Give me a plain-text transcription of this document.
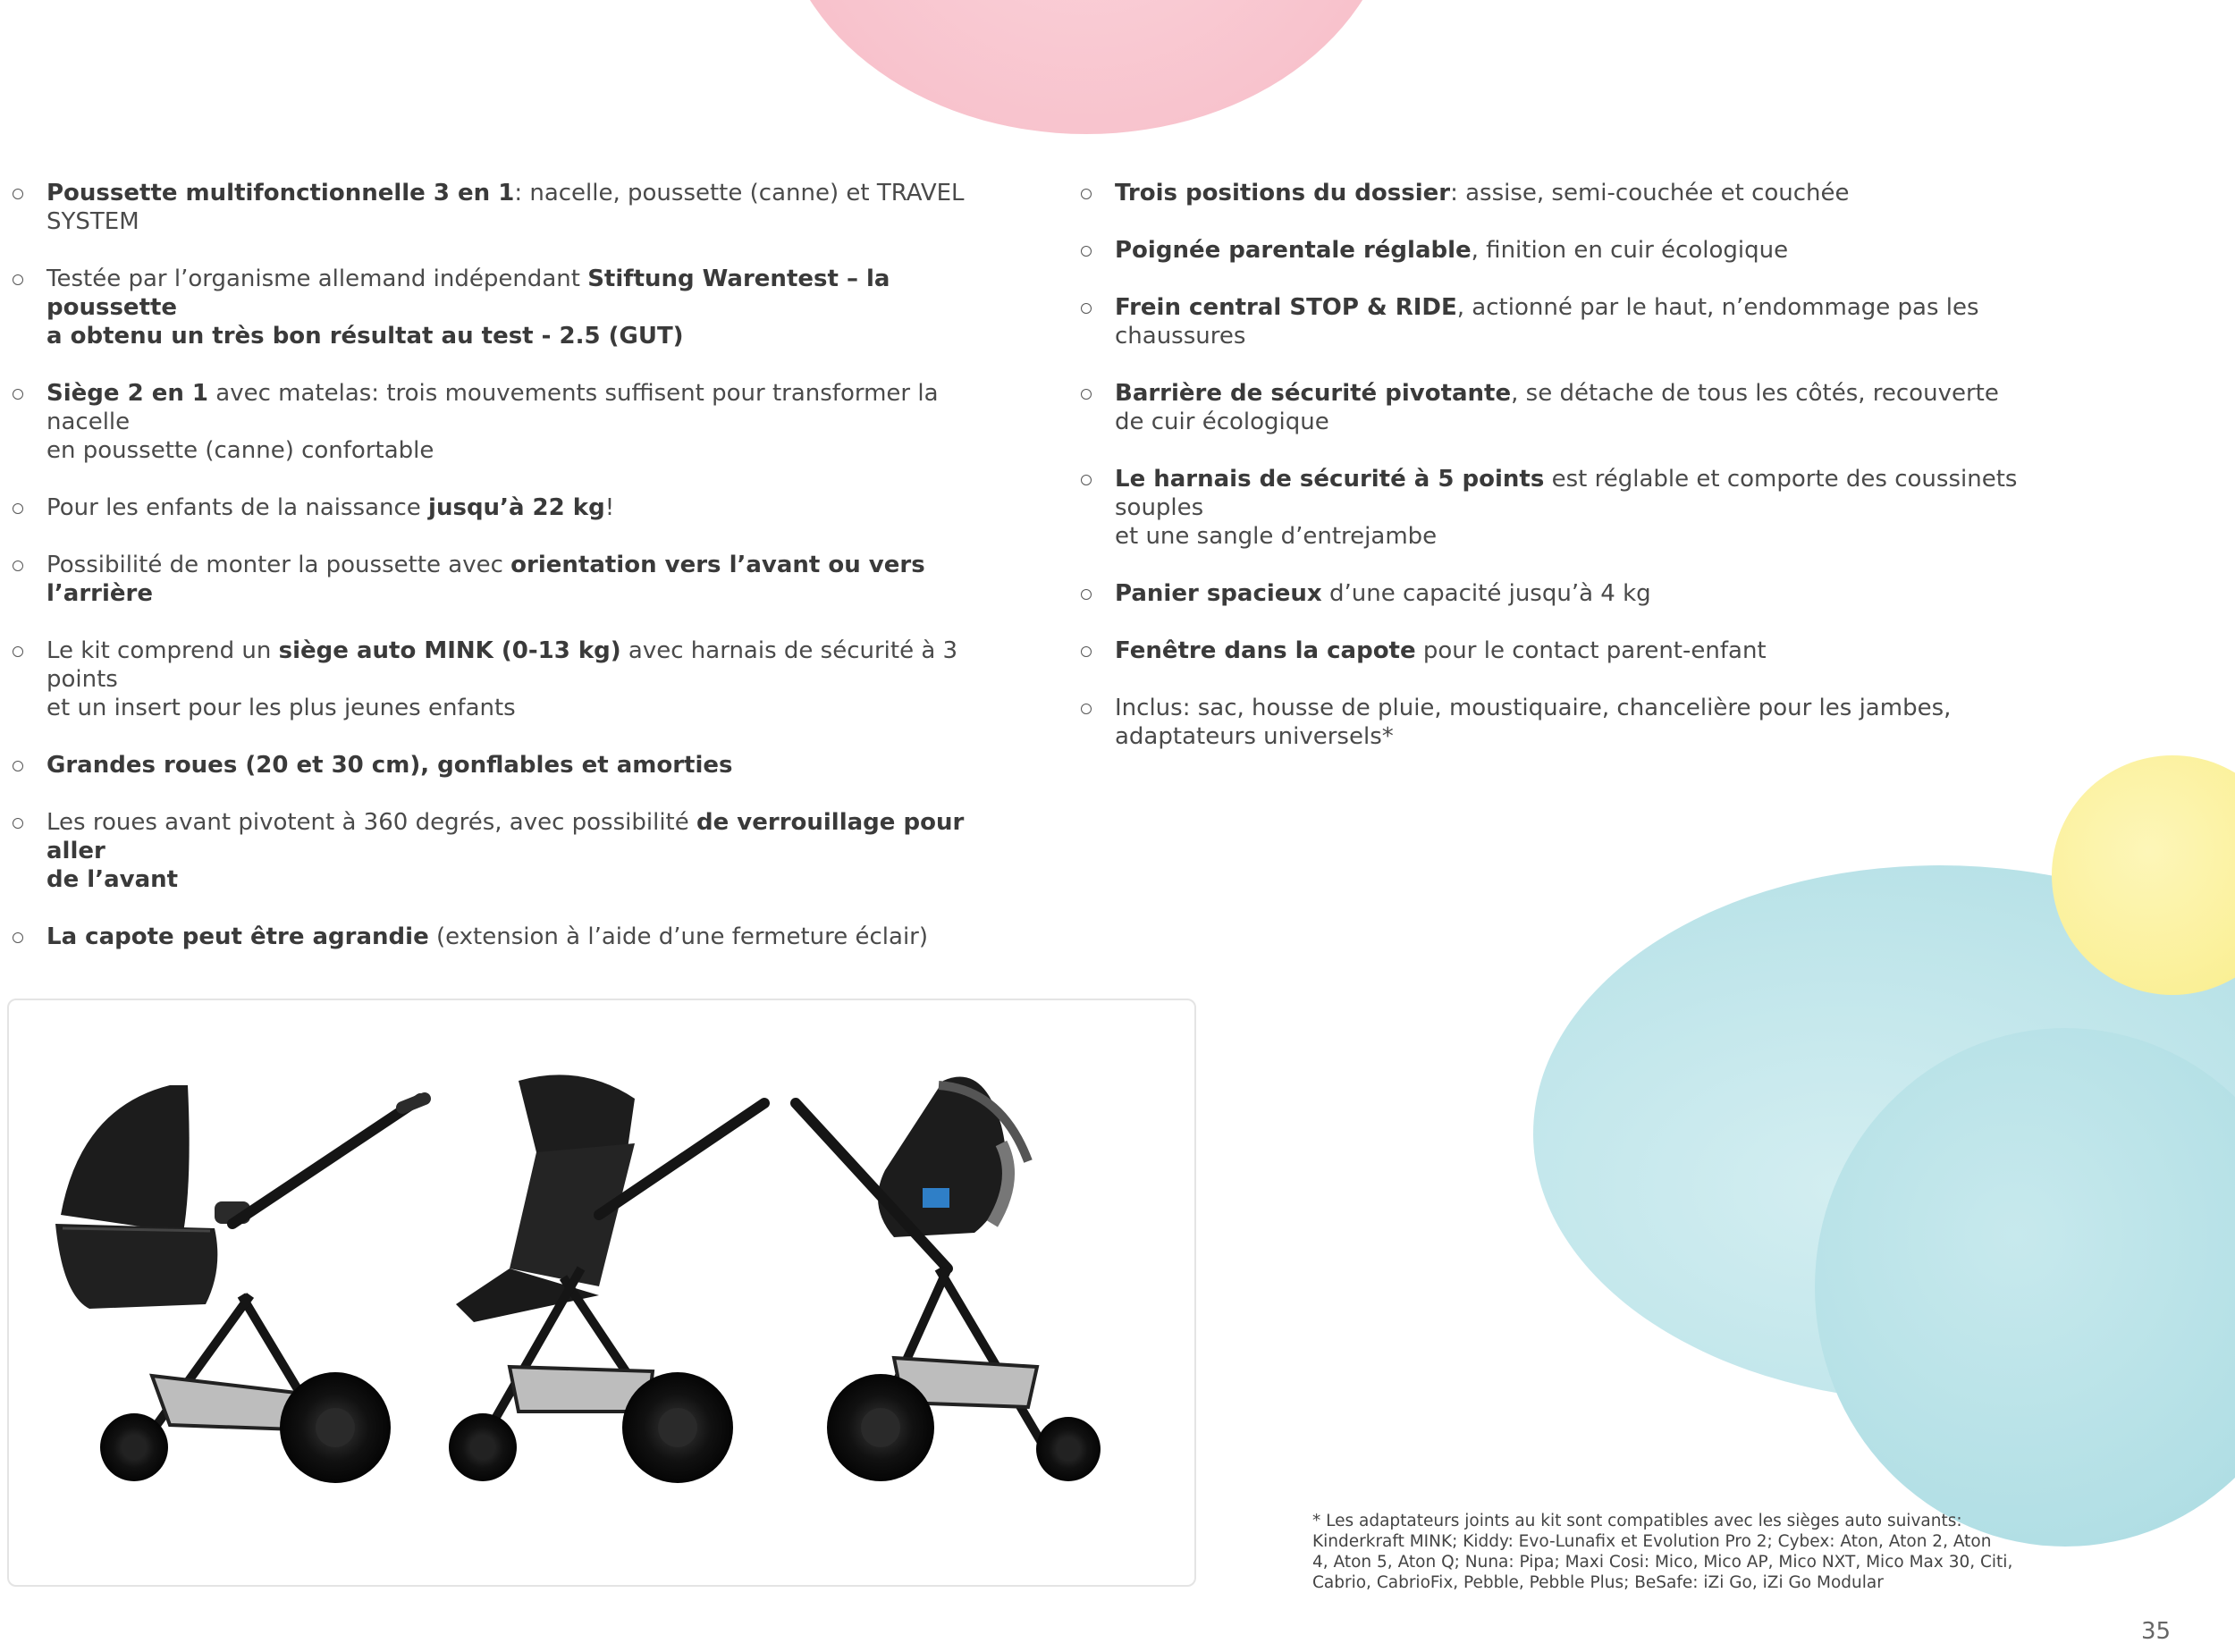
Poussette multifonctionnelle 3 en 1: nacelle, poussette (canne) et TRAVEL SYSTEM
Testée par l’organisme allemand indépendant Stiftung Warentest – la poussette
a obtenu un très bon résultat au test - 2.5 (GUT)
Siège 2 en 1 avec matelas: trois mouvements suffisent pour transformer la nacelle
en poussette (canne) confortable
Pour les enfants de la naissance jusqu’à 22 kg!
Possibilité de monter la poussette avec orientation vers l’avant ou vers l’arrière
Le kit comprend un siège auto MINK (0-13 kg) avec harnais de sécurité à 3 points
et un insert pour les plus jeunes enfants
Grandes roues (20 et 30 cm), gonflables et amorties
Les roues avant pivotent à 360 degrés, avec possibilité de verrouillage pour aller
de l’avant
La capote peut être agrandie (extension à l’aide d’une fermeture éclair)
Trois positions du dossier: assise, semi-couchée et couchée
Poignée parentale réglable, finition en cuir écologique
Frein central STOP & RIDE, actionné par le haut, n’endommage pas les chaussures
Barrière de sécurité pivotante, se détache de tous les côtés, recouverte
de cuir écologique
Le harnais de sécurité à 5 points est réglable et comporte des coussinets souples
et une sangle d’entrejambe
Panier spacieux d’une capacité jusqu’à 4 kg
Fenêtre dans la capote pour le contact parent-enfant
Inclus: sac, housse de pluie, moustiquaire, chancelière pour les jambes,
adaptateurs universels*
* Les adaptateurs joints au kit sont compatibles avec les sièges auto suivants:
Kinderkraft MINK; Kiddy: Evo-Lunafix et Evolution Pro 2; Cybex: Aton, Aton 2, Aton
4, Aton 5, Aton Q; Nuna: Pipa; Maxi Cosi: Mico, Mico AP, Mico NXT, Mico Max 30, Citi,
Cabrio, CabrioFix, Pebble, Pebble Plus; BeSafe: iZi Go, iZi Go Modular
35
